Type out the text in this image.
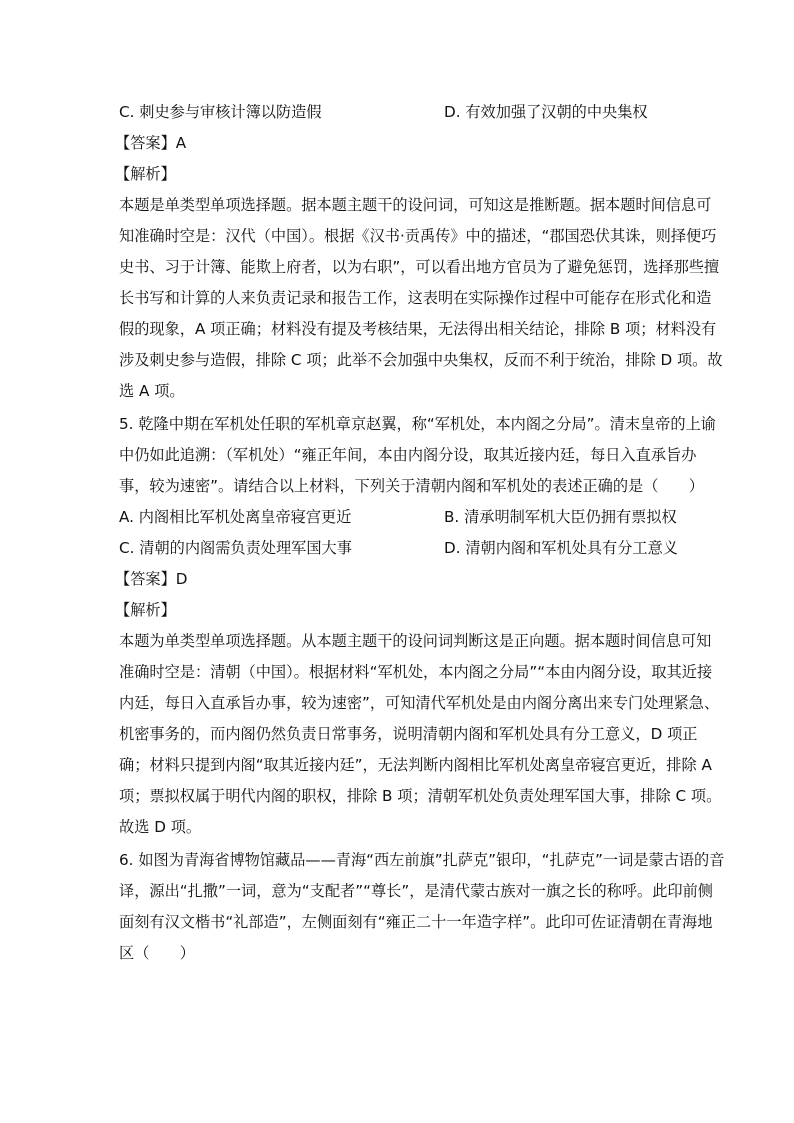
C. 刺史参与审核计簿以防造假	D. 有效加强了汉朝的中央集权
【答案】A
【解析】
本题是单类型单项选择题。据本题主题干的设问词，可知这是推断题。据本题时间信息可
知准确时空是：汉代（中国）。根据《汉书·贡禹传》中的描述，“郡国恐伏其诛，则择便巧
史书、习于计簿、能欺上府者，以为右职”，可以看出地方官员为了避免惩罚，选择那些擅
长书写和计算的人来负责记录和报告工作，这表明在实际操作过程中可能存在形式化和造
假的现象，A 项正确；材料没有提及考核结果，无法得出相关结论，排除 B 项；材料没有
涉及刺史参与造假，排除 C 项；此举不会加强中央集权，反而不利于统治，排除 D 项。故
选 A 项。
5. 乾隆中期在军机处任职的军机章京赵翼，称“军机处，本内阁之分局”。清末皇帝的上谕
中仍如此追溯：（军机处）“雍正年间，本由内阁分设，取其近接内廷，每日入直承旨办
事，较为速密”。请结合以上材料，下列关于清朝内阁和军机处的表述正确的是（　　）
A. 内阁相比军机处离皇帝寝宫更近	B. 清承明制军机大臣仍拥有票拟权
C. 清朝的内阁需负责处理军国大事	D. 清朝内阁和军机处具有分工意义
【答案】D
【解析】
本题为单类型单项选择题。从本题主题干的设问词判断这是正向题。据本题时间信息可知
准确时空是：清朝（中国）。根据材料“军机处，本内阁之分局”“本由内阁分设，取其近接
内廷，每日入直承旨办事，较为速密”，可知清代军机处是由内阁分离出来专门处理紧急、
机密事务的，而内阁仍然负责日常事务，说明清朝内阁和军机处具有分工意义，D 项正
确；材料只提到内阁“取其近接内廷”，无法判断内阁相比军机处离皇帝寝宫更近，排除 A
项；票拟权属于明代内阁的职权，排除 B 项；清朝军机处负责处理军国大事，排除 C 项。
故选 D 项。
6. 如图为青海省博物馆藏品——青海“西左前旗”扎萨克”银印，“扎萨克”一词是蒙古语的音
译，源出“扎撒”一词，意为“支配者”“尊长”，是清代蒙古族对一旗之长的称呼。此印前侧
面刻有汉文楷书“礼部造”，左侧面刻有“雍正二十一年造字样”。此印可佐证清朝在青海地
区（　　）
